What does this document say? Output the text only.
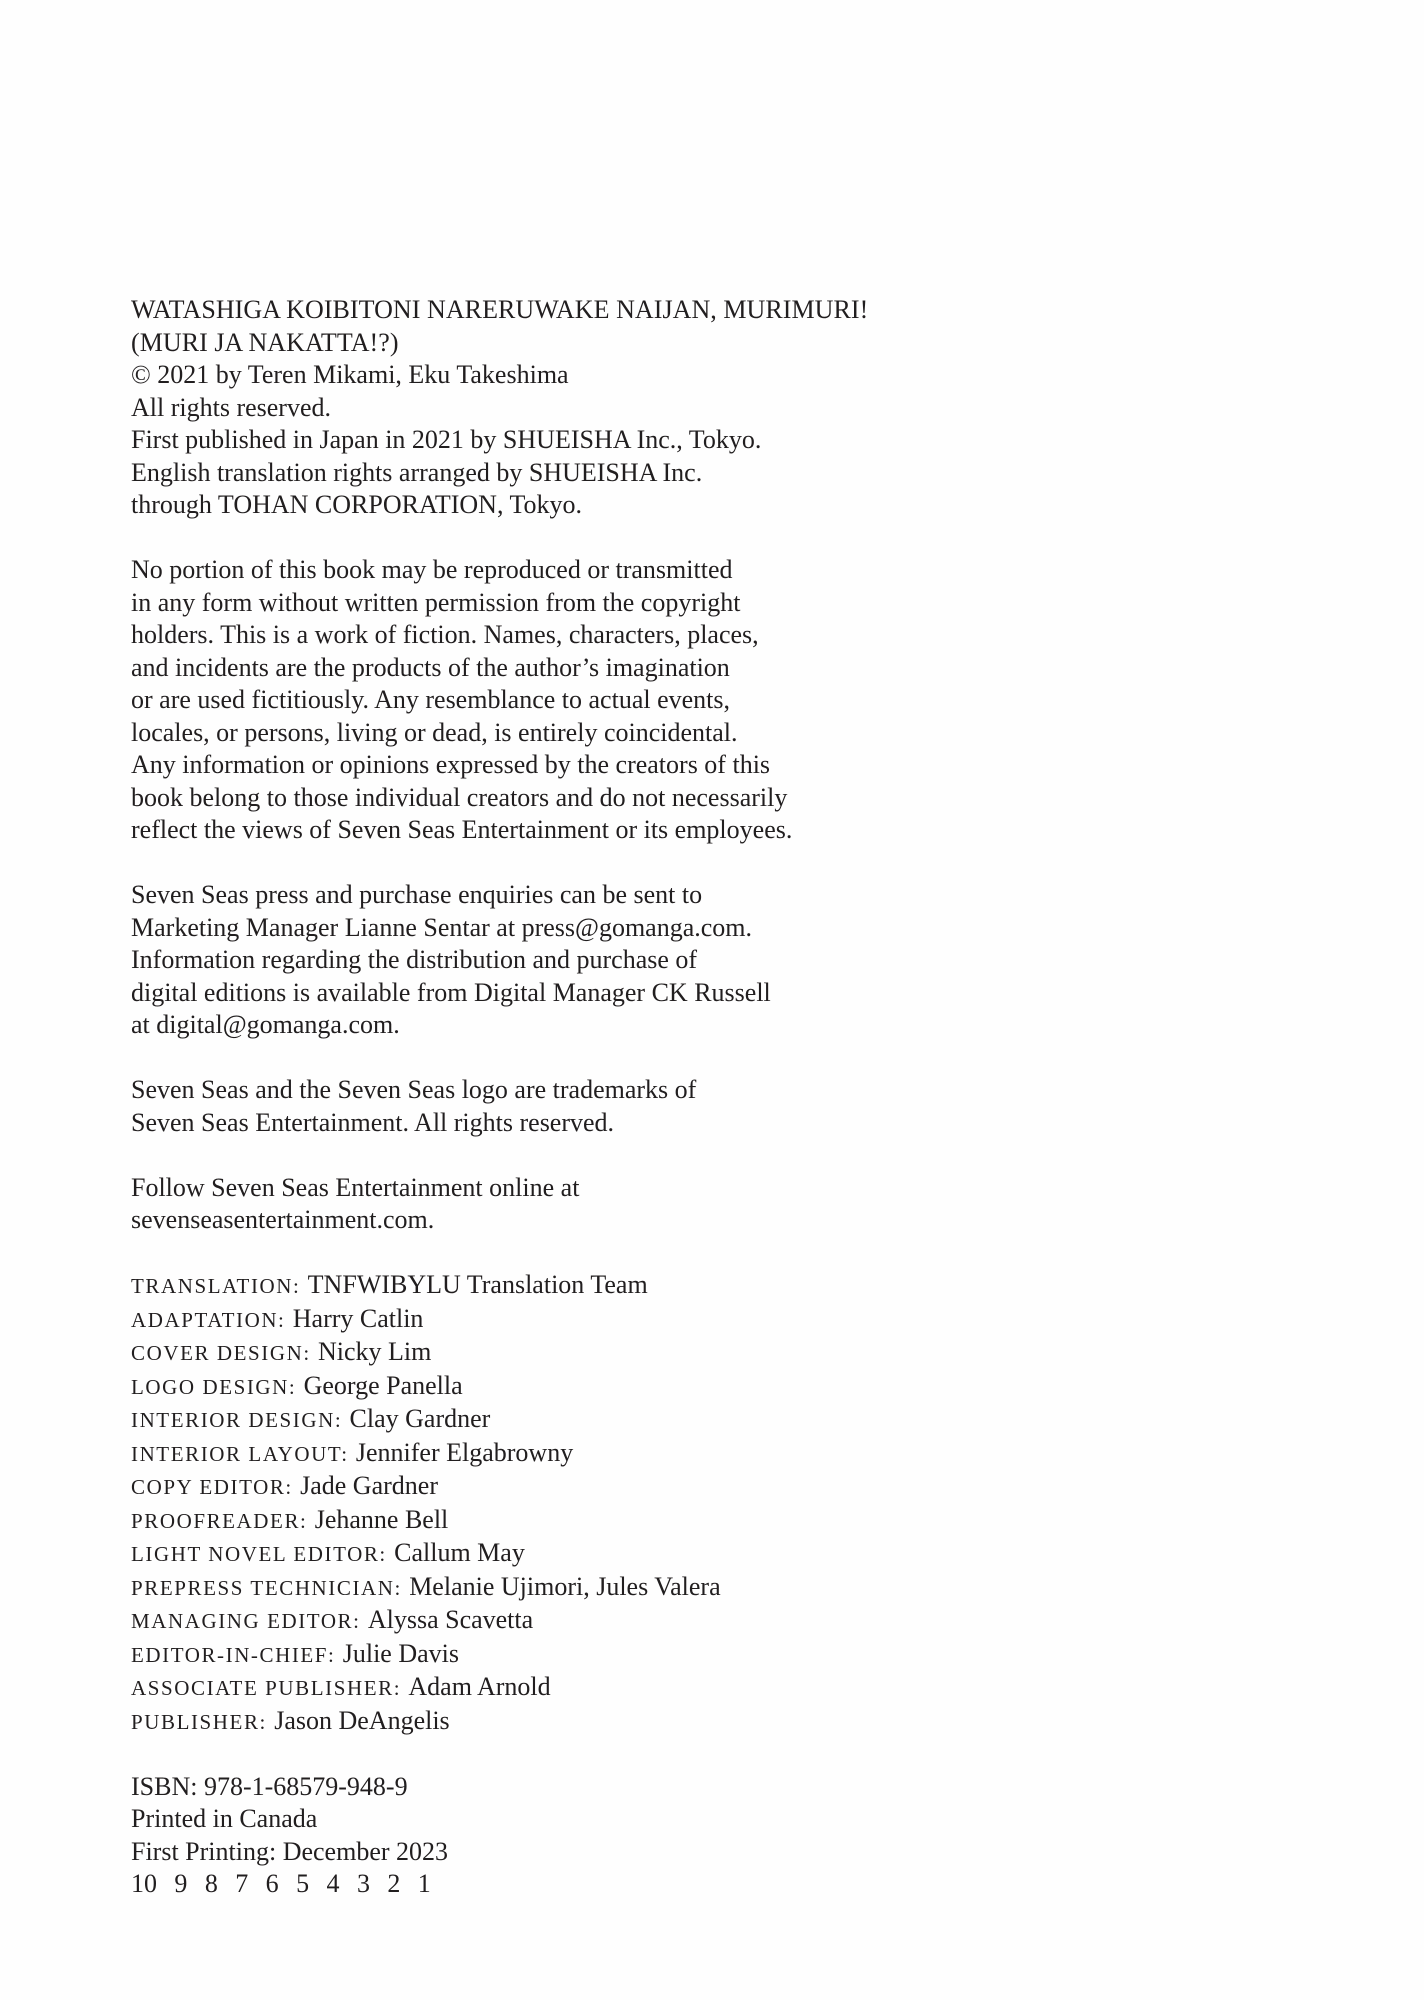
WATASHIGA KOIBITONI NARERUWAKE NAIJAN, MURIMURI!
(MURI JA NAKATTA!?)
© 2021 by Teren Mikami, Eku Takeshima
All rights reserved.
First published in Japan in 2021 by SHUEISHA Inc., Tokyo.
English translation rights arranged by SHUEISHA Inc.
through TOHAN CORPORATION, Tokyo.
No portion of this book may be reproduced or transmitted
in any form without written permission from the copyright
holders. This is a work of fiction. Names, characters, places,
and incidents are the products of the author’s imagination
or are used fictitiously. Any resemblance to actual events,
locales, or persons, living or dead, is entirely coincidental.
Any information or opinions expressed by the creators of this
book belong to those individual creators and do not necessarily
reflect the views of Seven Seas Entertainment or its employees.
Seven Seas press and purchase enquiries can be sent to
Marketing Manager Lianne Sentar at press@gomanga.com.
Information regarding the distribution and purchase of
digital editions is available from Digital Manager CK Russell
at digital@gomanga.com.
Seven Seas and the Seven Seas logo are trademarks of
Seven Seas Entertainment. All rights reserved.
Follow Seven Seas Entertainment online at
sevenseasentertainment.com.
TRANSLATION: TNFWIBYLU Translation Team
ADAPTATION: Harry Catlin
COVER DESIGN: Nicky Lim
LOGO DESIGN: George Panella
INTERIOR DESIGN: Clay Gardner
INTERIOR LAYOUT: Jennifer Elgabrowny
COPY EDITOR: Jade Gardner
PROOFREADER: Jehanne Bell
LIGHT NOVEL EDITOR: Callum May
PREPRESS TECHNICIAN: Melanie Ujimori, Jules Valera
MANAGING EDITOR: Alyssa Scavetta
EDITOR-IN-CHIEF: Julie Davis
ASSOCIATE PUBLISHER: Adam Arnold
PUBLISHER: Jason DeAngelis
ISBN: 978-1-68579-948-9
Printed in Canada
First Printing: December 2023
10 9 8 7 6 5 4 3 2 1
